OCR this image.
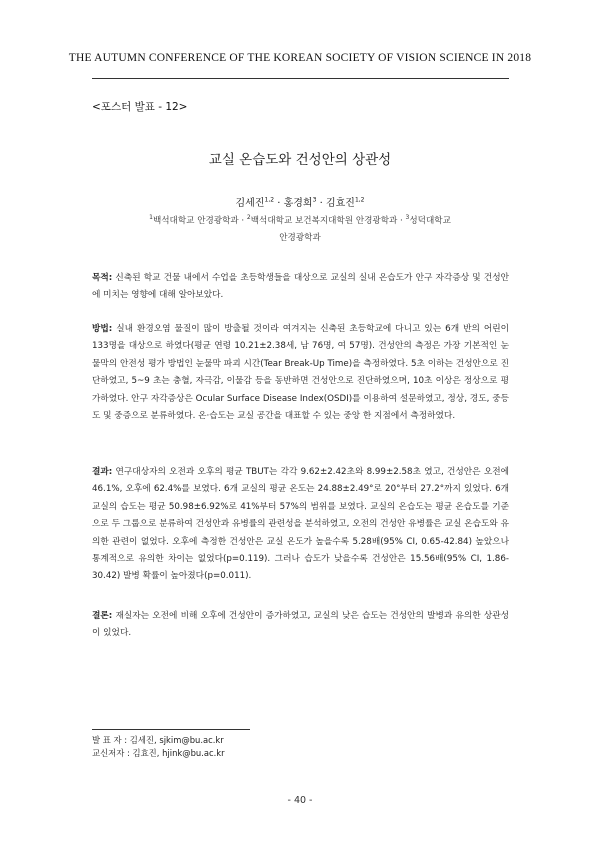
THE AUTUMN CONFERENCE OF THE KOREAN SOCIETY OF VISION SCIENCE IN 2018
<포스터 발표 - 12>
교실 온습도와 건성안의 상관성
김세진$^{1,2}$ · 홍경희$^3$ · 김효진$^{1,2}$
$^1$백석대학교 안경광학과 · $^2$백석대학교 보건복지대학원 안경광학과 · $^3$성덕대학교
안경광학과
목적: 신축된 학교 건물 내에서 수업을 초등학생들을 대상으로 교실의 실내 온습도가 안구 자각증상 및 건성안에 미치는 영향에 대해 알아보았다.
방법: 실내 환경오염 물질이 많이 방출될 것이라 여겨지는 신축된 초등학교에 다니고 있는 6개 반의 어린이 133명을 대상으로 하였다(평균 연령 10.21±2.38세, 남 76명, 여 57명). 건성안의 측정은 가장 기본적인 눈물막의 안전성 평가 방법인 눈물막 파괴 시간(Tear Break-Up Time)을 측정하였다. 5초 이하는 건성안으로 진단하였고, 5~9 초는 충혈, 자극감, 이물감 등을 동반하면 건성안으로 진단하였으며, 10초 이상은 정상으로 평가하였다. 안구 자각증상은 Ocular Surface Disease Index(OSDI)를 이용하여 설문하였고, 정상, 경도, 중등도 및 중증으로 분류하였다. 온·습도는 교실 공간을 대표할 수 있는 중앙 한 지점에서 측정하였다.
결과: 연구대상자의 오전과 오후의 평균 TBUT는 각각 9.62±2.42초와 8.99±2.58초 였고, 건성안은 오전에 46.1%, 오후에 62.4%를 보였다. 6개 교실의 평균 온도는 24.88±2.49°로 20°부터 27.2°까지 있었다. 6개 교실의 습도는 평균 50.98±6.92%로 41%부터 57%의 범위를 보였다. 교실의 온습도는 평균 온습도를 기준으로 두 그룹으로 분류하여 건성안과 유병률의 관련성을 분석하였고, 오전의 건성안 유병률은 교실 온습도와 유의한 관련이 없었다. 오후에 측정한 건성안은 교실 온도가 높을수록 5.28배(95% CI, 0.65-42.84) 높았으나 통계적으로 유의한 차이는 없었다(p=0.119). 그러나 습도가 낮을수록 건성안은 15.56배(95% CI, 1.86-30.42) 발병 확률이 높아졌다(p=0.011).
결론: 재실자는 오전에 비해 오후에 건성안이 증가하였고, 교실의 낮은 습도는 건성안의 발병과 유의한 상관성이 있었다.
발 표 자 : 김세진, sjkim@bu.ac.kr
교신저자 : 김효진, hjink@bu.ac.kr
- 40 -
